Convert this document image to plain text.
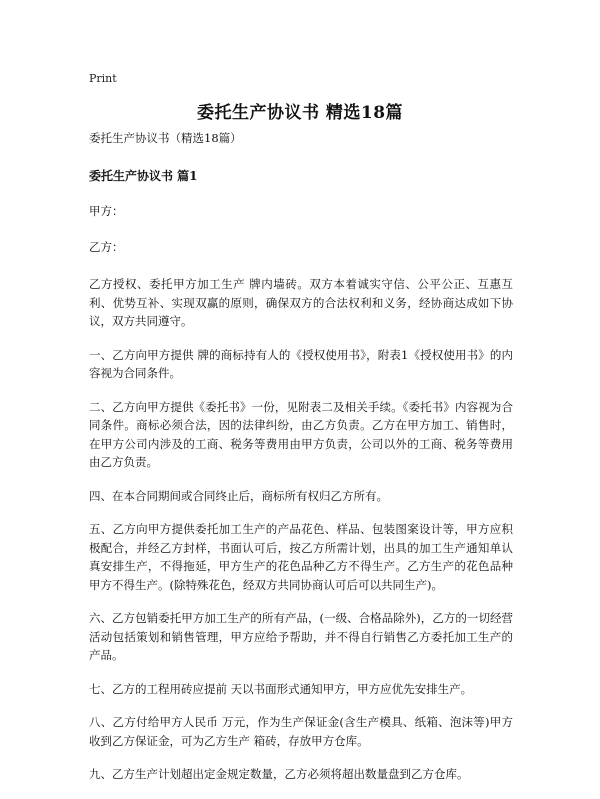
Print
委托生产协议书 精选18篇
委托生产协议书（精选18篇）
委托生产协议书 篇1
甲方：
乙方：

乙方授权、委托甲方加工生产 牌内墙砖。双方本着诚实守信、公平公正、互惠互利、优势互补、实现双赢的原则，确保双方的合法权利和义务，经协商达成如下协议，双方共同遵守。

一、乙方向甲方提供 牌的商标持有人的《授权使用书》，附表1《授权使用书》的内容视为合同条件。

二、乙方向甲方提供《委托书》一份，见附表二及相关手续。《委托书》内容视为合同条件。商标必须合法，因的法律纠纷，由乙方负责。乙方在甲方加工、销售时，在甲方公司内涉及的工商、税务等费用由甲方负责，公司以外的工商、税务等费用由乙方负责。

四、在本合同期间或合同终止后，商标所有权归乙方所有。

五、乙方向甲方提供委托加工生产的产品花色、样品、包装图案设计等，甲方应积极配合，并经乙方封样，书面认可后，按乙方所需计划，出具的加工生产通知单认真安排生产，不得拖延，甲方生产的花色品种乙方不得生产。乙方生产的花色品种甲方不得生产。(除特殊花色，经双方共同协商认可后可以共同生产)。

六、乙方包销委托甲方加工生产的所有产品，(一级、合格品除外)，乙方的一切经营活动包括策划和销售管理，甲方应给予帮助，并不得自行销售乙方委托加工生产的产品。

七、乙方的工程用砖应提前 天以书面形式通知甲方，甲方应优先安排生产。

八、乙方付给甲方人民币 万元，作为生产保证金(含生产模具、纸箱、泡沫等)甲方收到乙方保证金，可为乙方生产 箱砖，存放甲方仓库。

九、乙方生产计划超出定金规定数量，乙方必须将超出数量盘到乙方仓库。
